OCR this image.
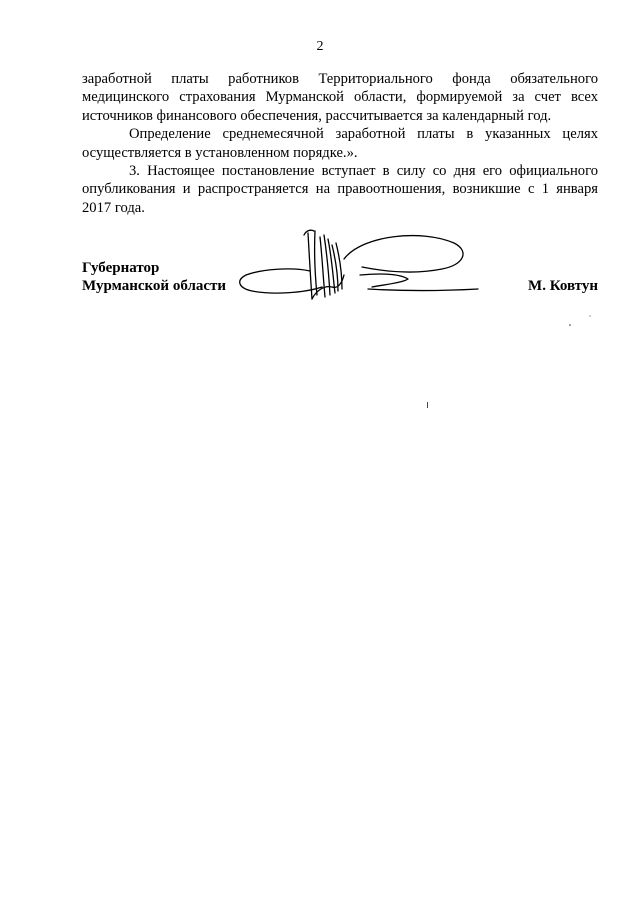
2

заработной платы работников Территориального фонда обязательного медицинского страхования Мурманской области, формируемой за счет всех источников финансового обеспечения, рассчитывается за календарный год.

Определение среднемесячной заработной платы в указанных целях осуществляется в установленном порядке.».

3. Настоящее постановление вступает в силу со дня его официального опубликования и распространяется на правоотношения, возникшие с 1 января 2017 года.

Губернатор
Мурманской области	М. Ковтун
